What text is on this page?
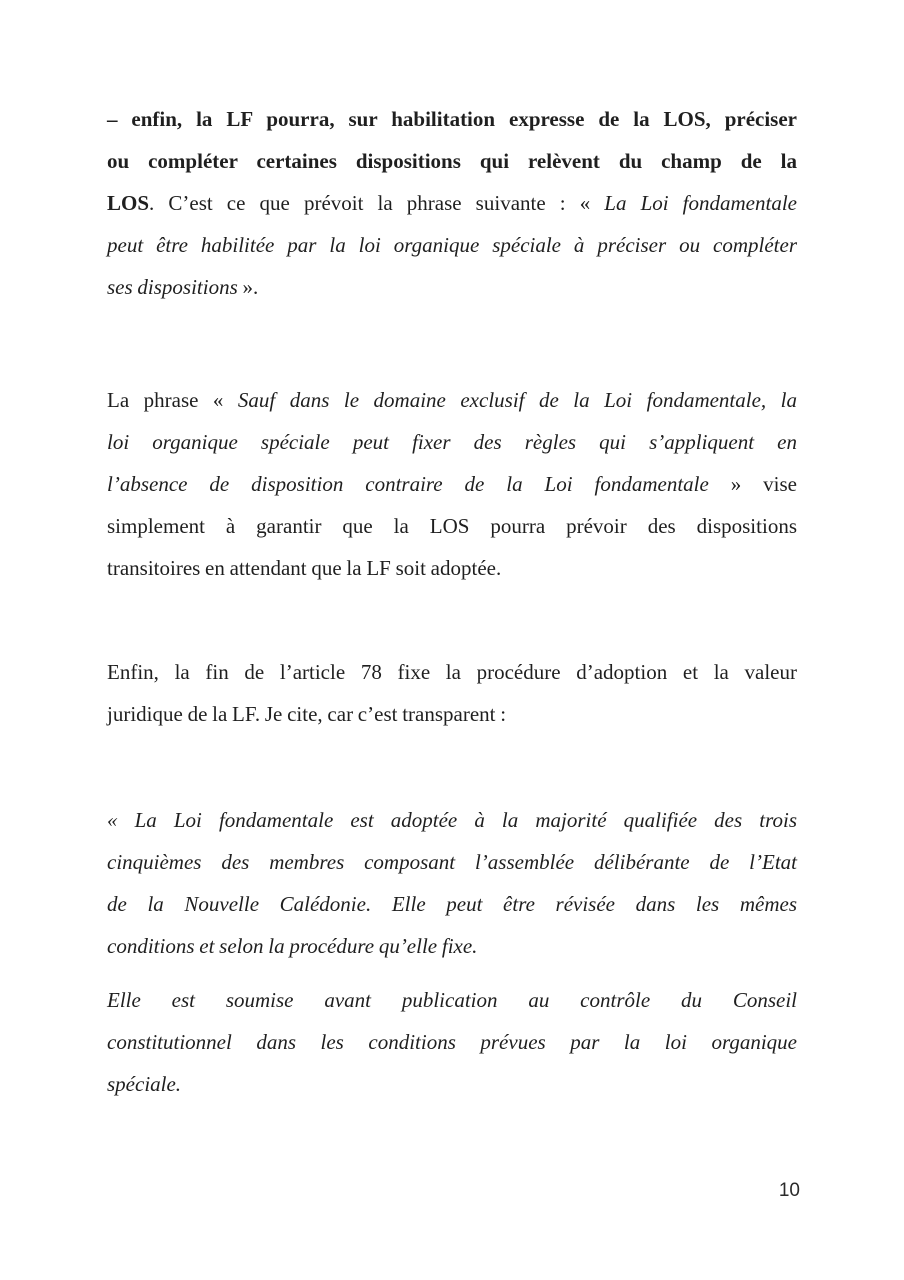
– enfin, la LF pourra, sur habilitation expresse de la LOS, préciser
ou compléter certaines dispositions qui relèvent du champ de la
LOS. C’est ce que prévoit la phrase suivante : « La Loi fondamentale
peut être habilitée par la loi organique spéciale à préciser ou compléter
ses dispositions ».
La phrase « Sauf dans le domaine exclusif de la Loi fondamentale, la
loi organique spéciale peut fixer des règles qui s’appliquent en
l’absence de disposition contraire de la Loi fondamentale » vise
simplement à garantir que la LOS pourra prévoir des dispositions
transitoires en attendant que la LF soit adoptée.
Enfin, la fin de l’article 78 fixe la procédure d’adoption et la valeur
juridique de la LF. Je cite, car c’est transparent :
« La Loi fondamentale est adoptée à la majorité qualifiée des trois
cinquièmes des membres composant l’assemblée délibérante de l’Etat
de la Nouvelle Calédonie. Elle peut être révisée dans les mêmes
conditions et selon la procédure qu’elle fixe.
Elle est soumise avant publication au contrôle du Conseil
constitutionnel dans les conditions prévues par la loi organique
spéciale.
10
